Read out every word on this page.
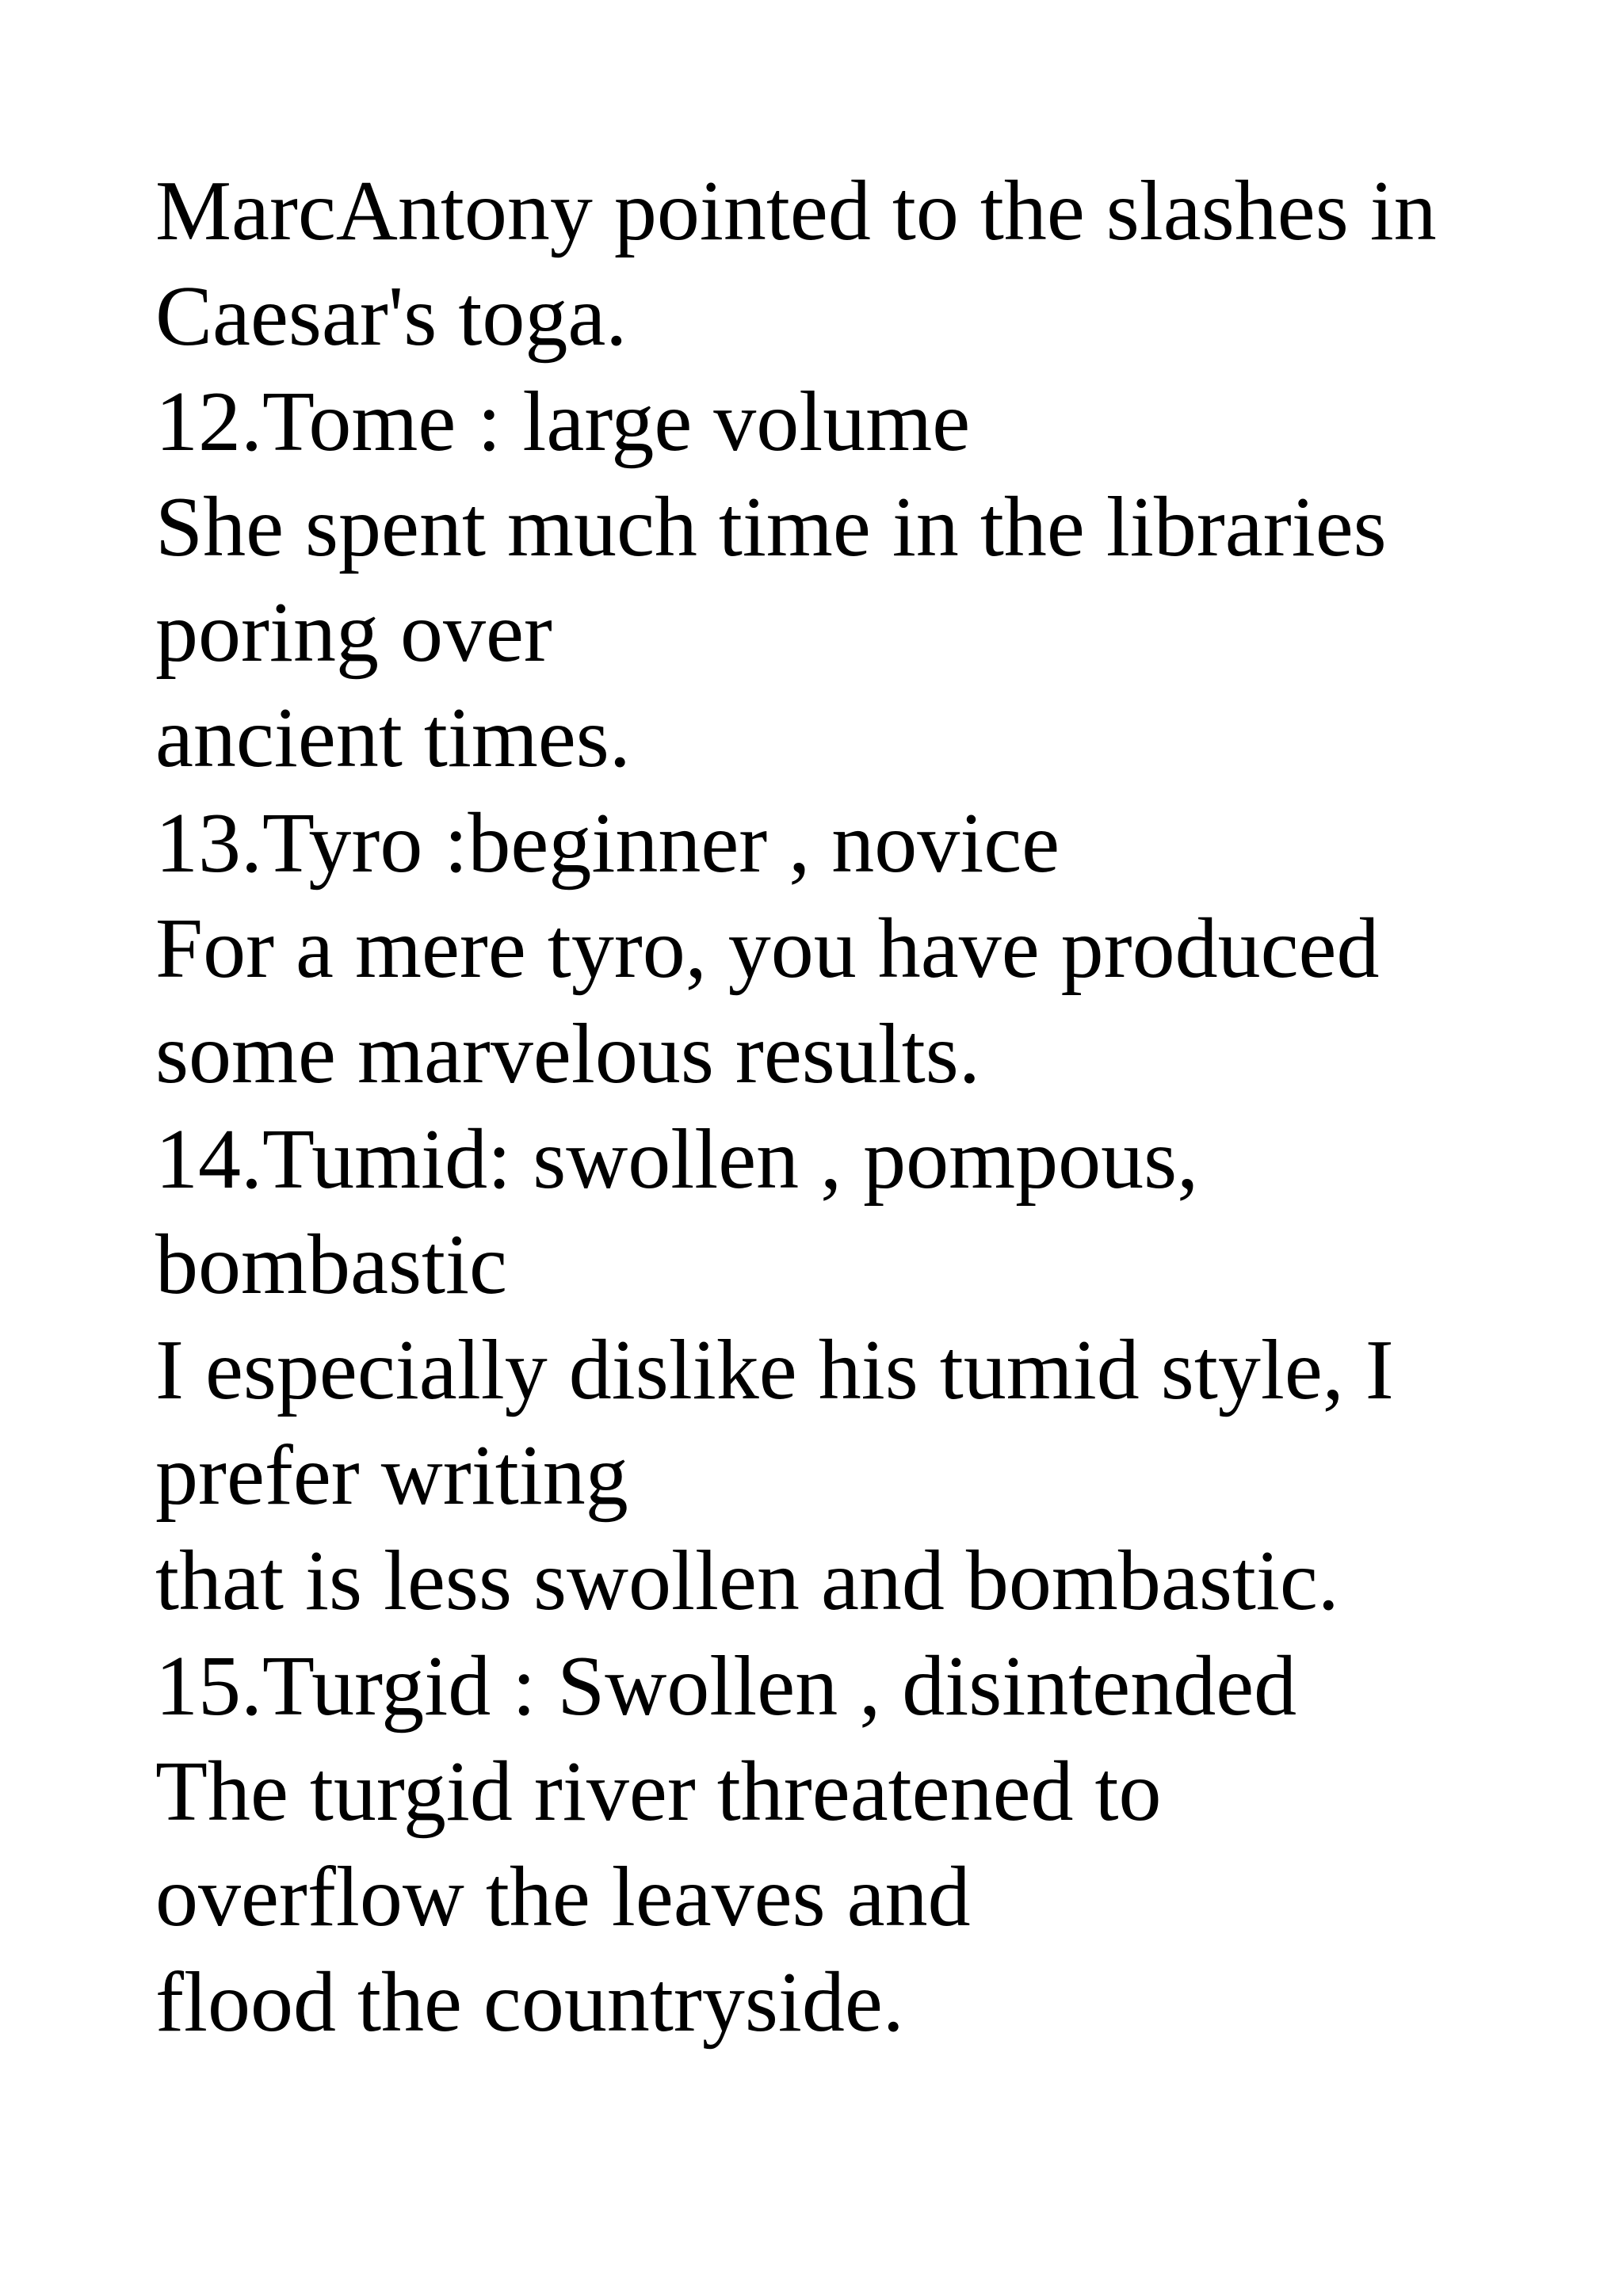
MarcAntony pointed to the slashes in
Caesar's toga.
12.Tome : large volume
She spent much time in the libraries
poring over
ancient times.
13.Tyro :beginner , novice
For a mere tyro, you have produced
some marvelous results.
14.Tumid: swollen , pompous,
bombastic
I especially dislike his tumid style, I
prefer writing
that is less swollen and bombastic.
15.Turgid : Swollen , disintended
The turgid river threatened to
overflow the leaves and
flood the countryside.
